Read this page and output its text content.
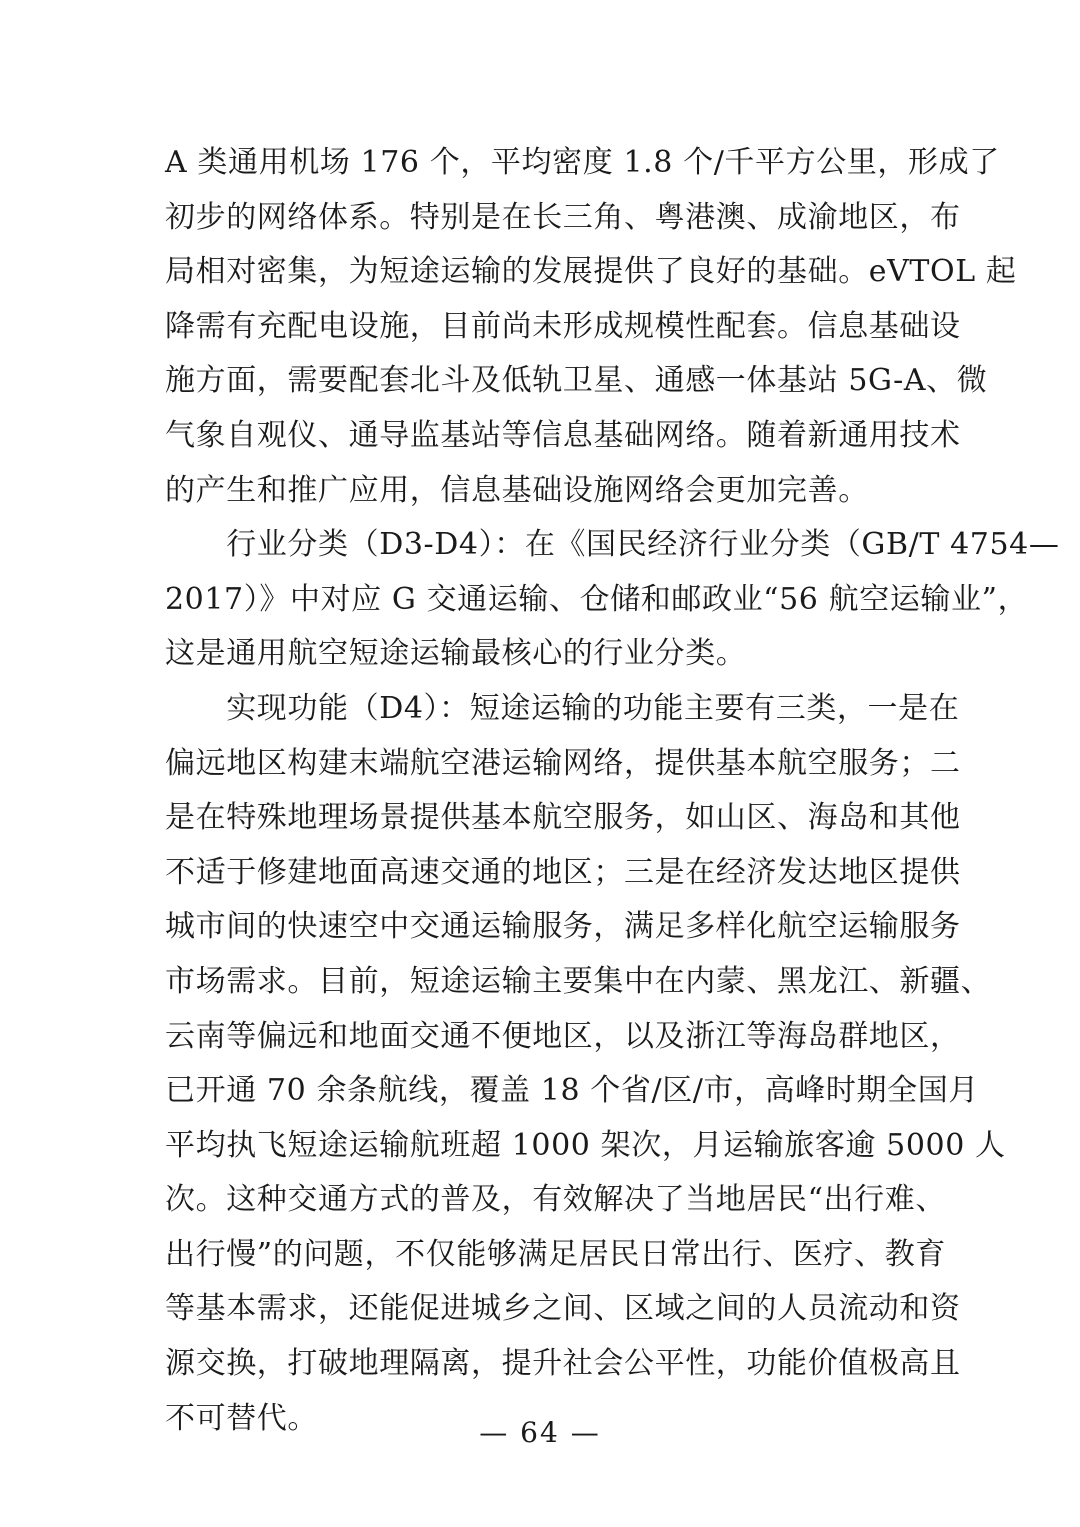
A 类通用机场 176 个，平均密度 1.8 个/千平方公里，形成了
初步的网络体系。特别是在长三角、粤港澳、成渝地区，布
局相对密集，为短途运输的发展提供了良好的基础。eVTOL 起
降需有充配电设施，目前尚未形成规模性配套。信息基础设
施方面，需要配套北斗及低轨卫星、通感一体基站 5G-A、微
气象自观仪、通导监基站等信息基础网络。随着新通用技术
的产生和推广应用，信息基础设施网络会更加完善。
　　行业分类（D3-D4）：在《国民经济行业分类（GB/T 4754—
2017）》中对应 G 交通运输、仓储和邮政业“56 航空运输业”，
这是通用航空短途运输最核心的行业分类。
　　实现功能（D4）：短途运输的功能主要有三类，一是在
偏远地区构建末端航空港运输网络，提供基本航空服务；二
是在特殊地理场景提供基本航空服务，如山区、海岛和其他
不适于修建地面高速交通的地区；三是在经济发达地区提供
城市间的快速空中交通运输服务，满足多样化航空运输服务
市场需求。目前，短途运输主要集中在内蒙、黑龙江、新疆、
云南等偏远和地面交通不便地区，以及浙江等海岛群地区，
已开通 70 余条航线，覆盖 18 个省/区/市，高峰时期全国月
平均执飞短途运输航班超 1000 架次，月运输旅客逾 5000 人
次。这种交通方式的普及，有效解决了当地居民“出行难、
出行慢”的问题，不仅能够满足居民日常出行、医疗、教育
等基本需求，还能促进城乡之间、区域之间的人员流动和资
源交换，打破地理隔离，提升社会公平性，功能价值极高且
不可替代。	— 64 —
